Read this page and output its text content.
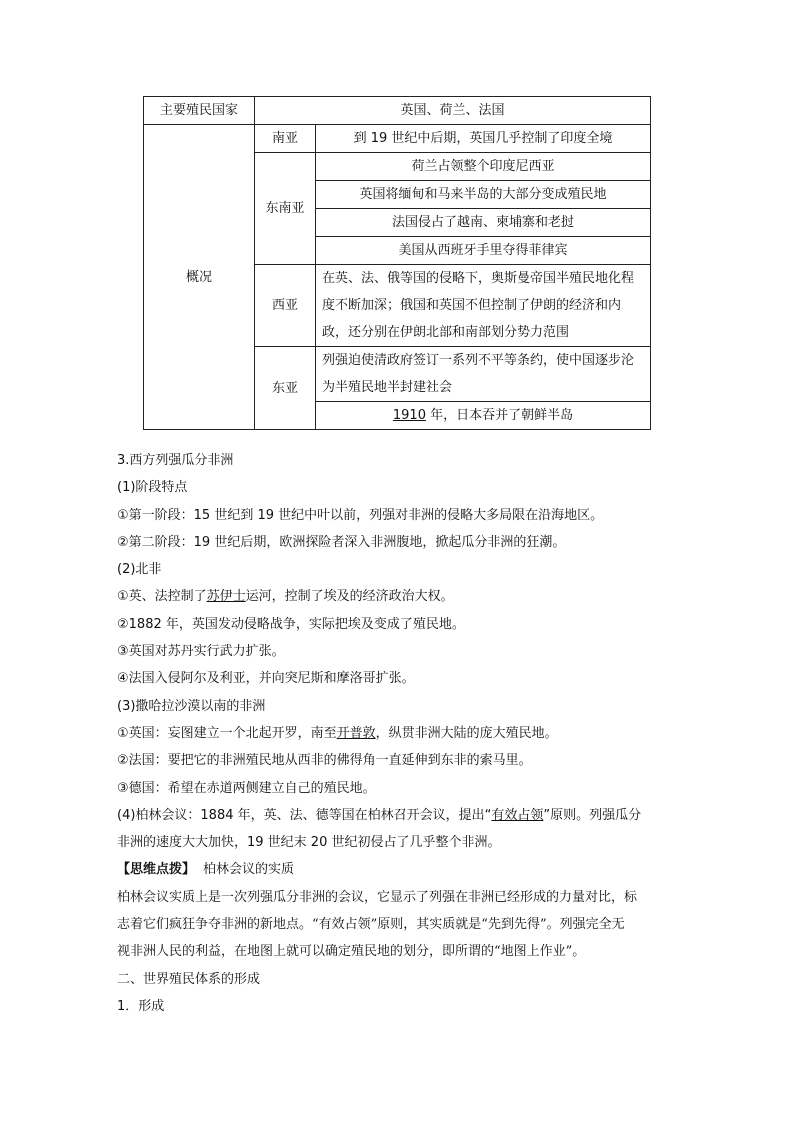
主要殖民国家	英国、荷兰、法国	
概况	南亚	到 19 世纪中后期，英国几乎控制了印度全境
	东南亚	荷兰占领整个印度尼西亚
		英国将缅甸和马来半岛的大部分变成殖民地
		法国侵占了越南、柬埔寨和老挝
		美国从西班牙手里夺得菲律宾
	西亚	在英、法、俄等国的侵略下，奥斯曼帝国半殖民地化程度不断加深；俄国和英国不但控制了伊朗的经济和内政，还分别在伊朗北部和南部划分势力范围
	东亚	列强迫使清政府签订一系列不平等条约，使中国逐步沦为半殖民地半封建社会
		1910 年，日本吞并了朝鲜半岛

3.西方列强瓜分非洲

(1)阶段特点

①第一阶段：15 世纪到 19 世纪中叶以前，列强对非洲的侵略大多局限在沿海地区。

②第二阶段：19 世纪后期，欧洲探险者深入非洲腹地，掀起瓜分非洲的狂潮。

(2)北非

①英、法控制了苏伊士运河，控制了埃及的经济政治大权。

②1882 年，英国发动侵略战争，实际把埃及变成了殖民地。

③英国对苏丹实行武力扩张。

④法国入侵阿尔及利亚，并向突尼斯和摩洛哥扩张。

(3)撒哈拉沙漠以南的非洲

①英国：妄图建立一个北起开罗，南至开普敦，纵贯非洲大陆的庞大殖民地。

②法国：要把它的非洲殖民地从西非的佛得角一直延伸到东非的索马里。

③德国：希望在赤道两侧建立自己的殖民地。

(4)柏林会议：1884 年，英、法、德等国在柏林召开会议，提出“有效占领”原则。列强瓜分

非洲的速度大大加快，19 世纪末 20 世纪初侵占了几乎整个非洲。

【思维点拨】 柏林会议的实质

柏林会议实质上是一次列强瓜分非洲的会议，它显示了列强在非洲已经形成的力量对比，标

志着它们疯狂争夺非洲的新地点。“有效占领”原则，其实质就是“先到先得”。列强完全无

视非洲人民的利益，在地图上就可以确定殖民地的划分，即所谓的“地图上作业”。

二、世界殖民体系的形成

1．形成
